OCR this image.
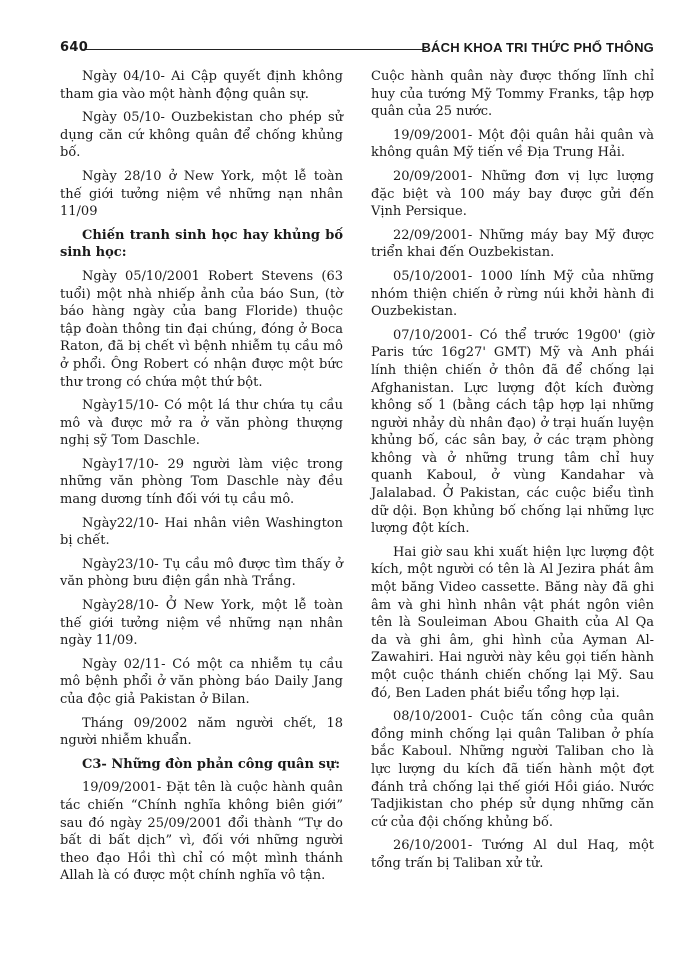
640	BÁCH KHOA TRI THỨC PHỔ THÔNG

Ngày 04/10- Ai Cập quyết định không tham gia vào một hành động quân sự.

Ngày 05/10- Ouzbekistan cho phép sử dụng căn cứ không quân để chống khủng bố.

Ngày 28/10 ở New York, một lễ toàn thế giới tưởng niệm về những nạn nhân 11/09

Chiến tranh sinh học hay khủng bố sinh học:

Ngày 05/10/2001 Robert Stevens (63 tuổi) một nhà nhiếp ảnh của báo Sun, (tờ báo hàng ngày của bang Floride) thuộc tập đoàn thông tin đại chúng, đóng ở Boca Raton, đã bị chết vì bệnh nhiễm tụ cầu mô ở phổi. Ông Robert có nhận được một bức thư trong có chứa một thứ bột.

Ngày15/10- Có một lá thư chứa tụ cầu mô và được mở ra ở văn phòng thượng nghị sỹ Tom Daschle.

Ngày17/10- 29 người làm việc trong những văn phòng Tom Daschle này đều mang dương tính đối với tụ cầu mô.

Ngày22/10- Hai nhân viên Washington bị chết.

Ngày23/10- Tụ cầu mô được tìm thấy ở văn phòng bưu điện gần nhà Trắng.

Ngày28/10- Ở New York, một lễ toàn thế giới tưởng niệm về những nạn nhân ngày 11/09.

Ngày 02/11- Có một ca nhiễm tụ cầu mô bệnh phổi ở văn phòng báo Daily Jang của độc giả Pakistan ở Bilan.

Tháng 09/2002 năm người chết, 18 người nhiễm khuẩn.

C3- Những đòn phản công quân sự:

19/09/2001- Đặt tên là cuộc hành quân tác chiến “Chính nghĩa không biên giới” sau đó ngày 25/09/2001 đổi thành “Tự do bất di bất dịch” vì, đối với những người theo đạo Hồi thì chỉ có một mình thánh Allah là có được một chính nghĩa vô tận.

Cuộc hành quân này được thống lĩnh chỉ huy của tướng Mỹ Tommy Franks, tập hợp quân của 25 nước.

19/09/2001- Một đội quân hải quân và không quân Mỹ tiến về Địa Trung Hải.

20/09/2001- Những đơn vị lực lượng đặc biệt và 100 máy bay được gửi đến Vịnh Persique.

22/09/2001- Những máy bay Mỹ được triển khai đến Ouzbekistan.

05/10/2001- 1000 lính Mỹ của những nhóm thiện chiến ở rừng núi khởi hành đi Ouzbekistan.

07/10/2001- Có thể trước 19g00' (giờ Paris tức 16g27' GMT) Mỹ và Anh phái lính thiện chiến ở thôn đã để chống lại Afghanistan. Lực lượng đột kích đường không số 1 (bằng cách tập hợp lại những người nhảy dù nhân đạo) ở trại huấn luyện khủng bố, các sân bay, ở các trạm phòng không và ở những trung tâm chỉ huy quanh Kaboul, ở vùng Kandahar và Jalalabad. Ở Pakistan, các cuộc biểu tình dữ dội. Bọn khủng bố chống lại những lực lượng đột kích.

Hai giờ sau khi xuất hiện lực lượng đột kích, một người có tên là Al Jezira phát âm một băng Video cassette. Băng này đã ghi âm và ghi hình nhân vật phát ngôn viên tên là Souleiman Abou Ghaith của Al Qa da và ghi âm, ghi hình của Ayman Al- Zawahiri. Hai người này kêu gọi tiến hành một cuộc thánh chiến chống lại Mỹ. Sau đó, Ben Laden phát biểu tổng hợp lại.

08/10/2001- Cuộc tấn công của quân đồng minh chống lại quân Taliban ở phía bắc Kaboul. Những người Taliban cho là lực lượng du kích đã tiến hành một đợt đánh trả chống lại thế giới Hồi giáo. Nước Tadjikistan cho phép sử dụng những căn cứ của đội chống khủng bố.

26/10/2001- Tướng Al dul Haq, một tổng trấn bị Taliban xử tử.
